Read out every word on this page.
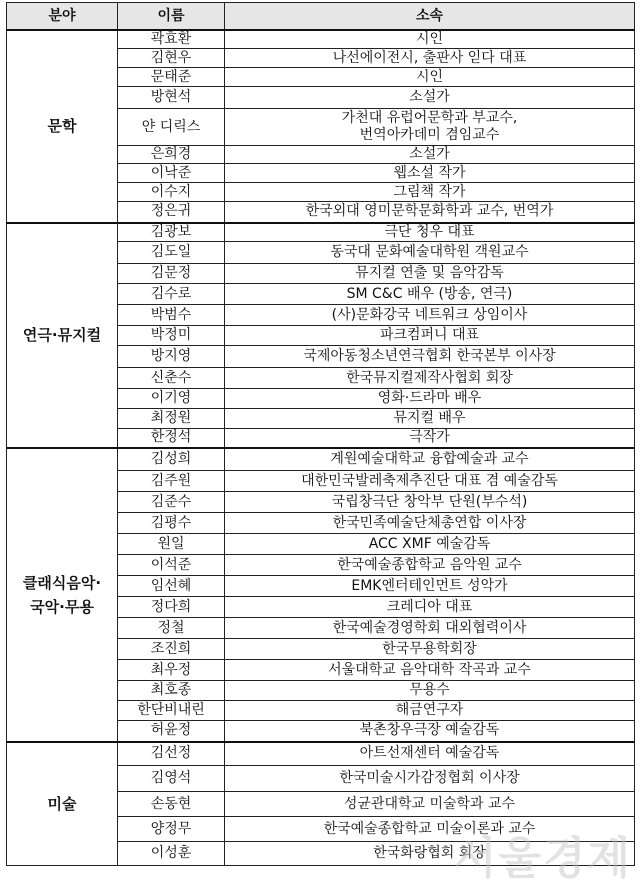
분야	이름	소속
문학	곽효환	시인
	김현우	나선에이전시, 출판사 읻다 대표
	문태준	시인
	방현석	소설가
	얀 디릭스	가천대 유럽어문학과 부교수,
번역아카데미 겸임교수
	은희경	소설가
	이낙준	웹소설 작가
	이수지	그림책 작가
	정은귀	한국외대 영미문학문화학과 교수, 번역가
연극·뮤지컬	김광보	극단 청우 대표
	김도일	동국대 문화예술대학원 객원교수
	김문정	뮤지컬 연출 및 음악감독
	김수로	SM C&C 배우 (방송, 연극)
	박범수	(사)문화강국 네트워크 상임이사
	박정미	파크컴퍼니 대표
	방지영	국제아동청소년연극협회 한국본부 이사장
	신춘수	한국뮤지컬제작사협회 회장
	이기영	영화·드라마 배우
	최정원	뮤지컬 배우
	한정석	극작가
클래식음악·
국악·무용	김성희	계원예술대학교 융합예술과 교수
	김주원	대한민국발레축제추진단 대표 겸 예술감독
	김준수	국립창극단 창악부 단원(부수석)
	김평수	한국민족예술단체총연합 이사장
	원일	ACC XMF 예술감독
	이석준	한국예술종합학교 음악원 교수
	임선혜	EMK엔터테인먼트 성악가
	정다희	크레디아 대표
	정철	한국예술경영학회 대외협력이사
	조진희	한국무용학회장
	최우정	서울대학교 음악대학 작곡과 교수
	최호종	무용수
	한단비내린	해금연구자
	허윤정	북촌창우극장 예술감독
미술	김선정	아트선재센터 예술감독
	김영석	한국미술시가감정협회 이사장
	손동현	성균관대학교 미술학과 교수
	양정무	한국예술종합학교 미술이론과 교수
	이성훈	한국화랑협회 회장
서울경제
